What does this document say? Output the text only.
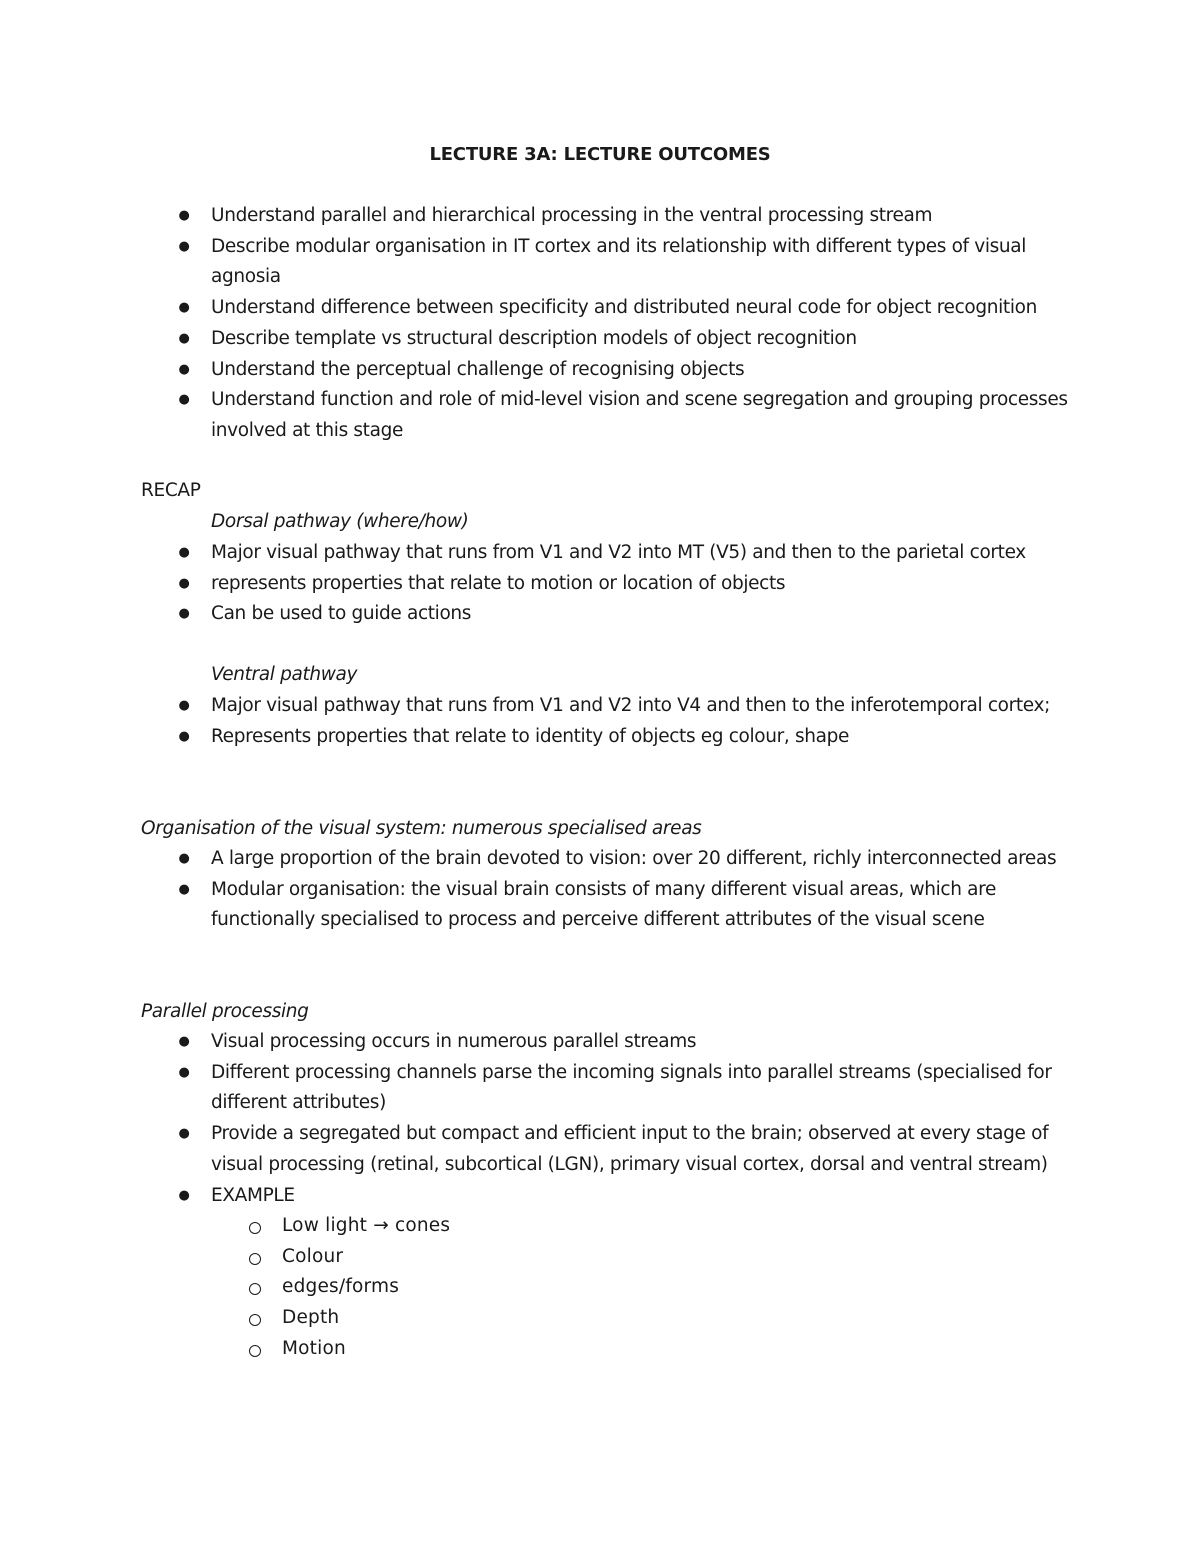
LECTURE 3A: LECTURE OUTCOMES
●
Understand parallel and hierarchical processing in the ventral processing stream
●
Describe modular organisation in IT cortex and its relationship with different types of visual agnosia
●
Understand difference between specificity and distributed neural code for object recognition
●
Describe template vs structural description models of object recognition
●
Understand the perceptual challenge of recognising objects
●
Understand function and role of mid-level vision and scene segregation and grouping processes involved at this stage
RECAP
Dorsal pathway (where/how)
●
Major visual pathway that runs from V1 and V2 into MT (V5) and then to the parietal cortex
●
represents properties that relate to motion or location of objects
●
Can be used to guide actions
Ventral pathway
●
Major visual pathway that runs from V1 and V2 into V4 and then to the inferotemporal cortex;
●
Represents properties that relate to identity of objects eg colour, shape
Organisation of the visual system: numerous specialised areas
●
A large proportion of the brain devoted to vision: over 20 different, richly interconnected areas
●
Modular organisation: the visual brain consists of many different visual areas, which are functionally specialised to process and perceive different attributes of the visual scene
Parallel processing
●
Visual processing occurs in numerous parallel streams
●
Different processing channels parse the incoming signals into parallel streams (specialised for different attributes)
●
Provide a segregated but compact and efficient input to the brain; observed at every stage of visual processing (retinal, subcortical (LGN), primary visual cortex, dorsal and ventral stream)
●
EXAMPLE
Low light → cones
Colour
edges/forms
Depth
Motion
